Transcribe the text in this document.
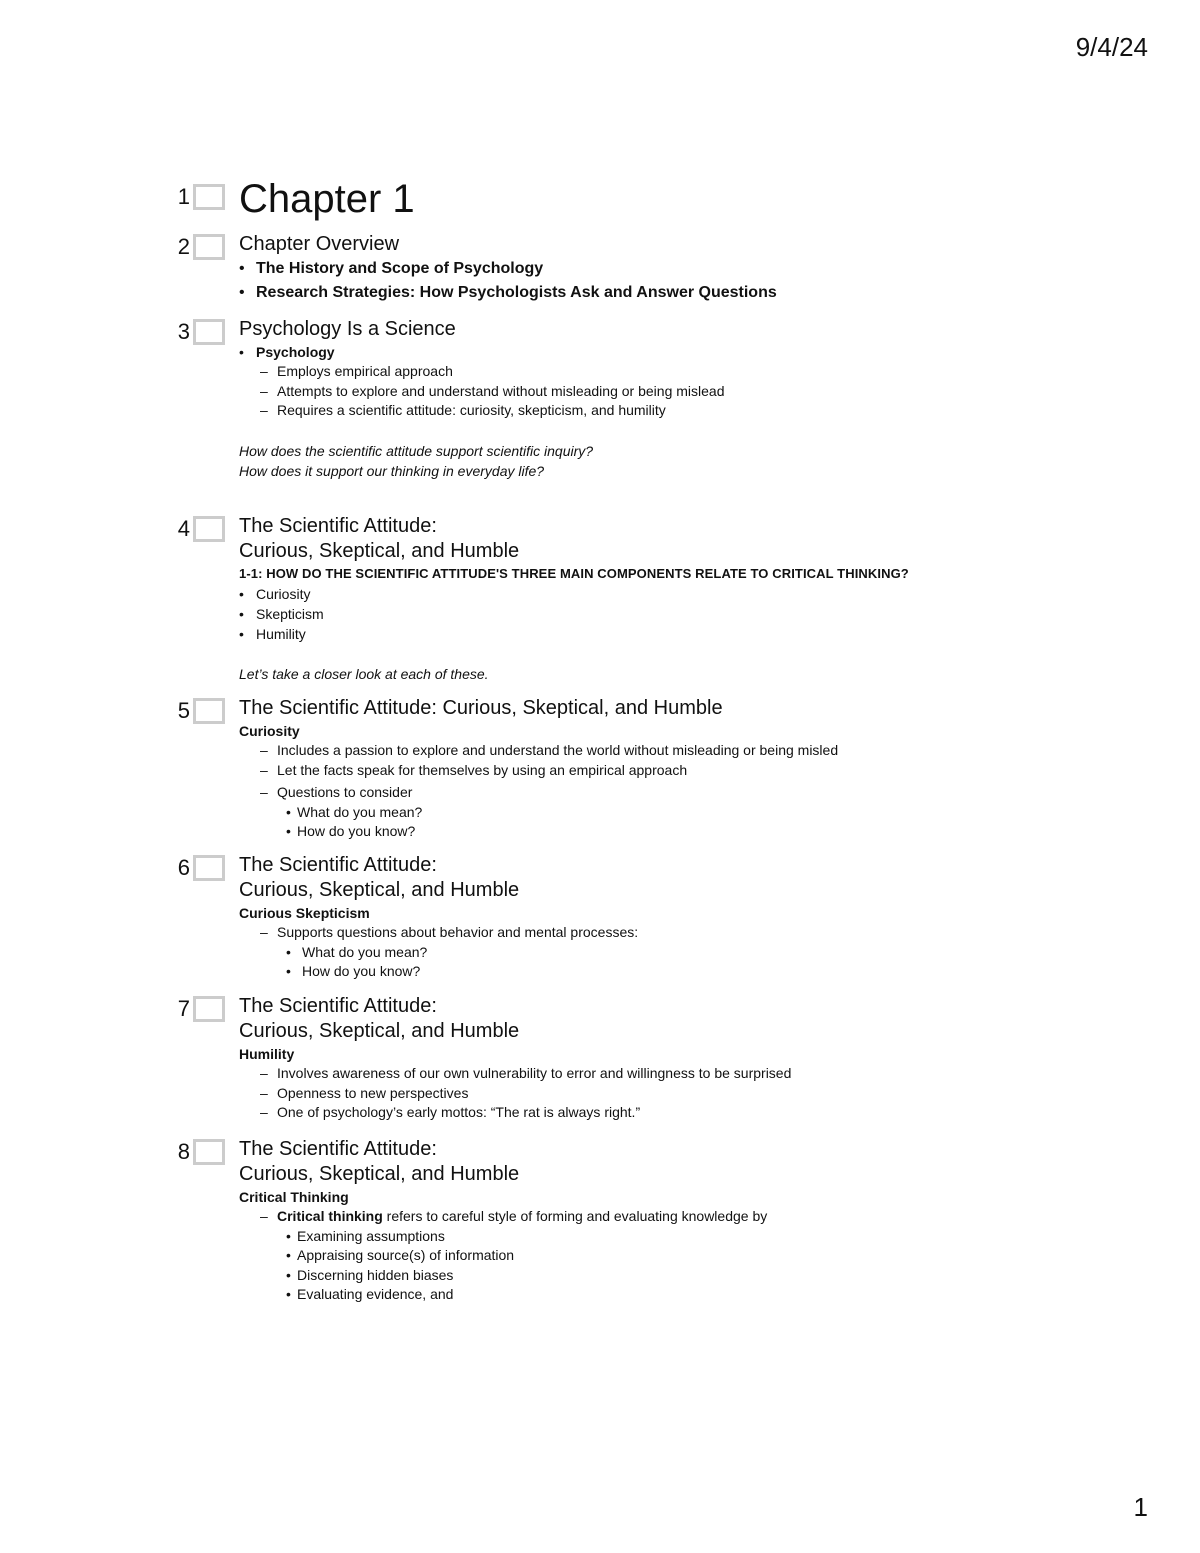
9/4/24
1 Chapter 1
2 Chapter Overview
• The History and Scope of Psychology
• Research Strategies: How Psychologists Ask and Answer Questions
3 Psychology Is a Science
• Psychology
– Employs empirical approach
– Attempts to explore and understand without misleading or being mislead
– Requires a scientific attitude: curiosity, skepticism, and humility
How does the scientific attitude support scientific inquiry?
How does it support our thinking in everyday life?
4 The Scientific Attitude:
Curious, Skeptical, and Humble
1-1: HOW DO THE SCIENTIFIC ATTITUDE'S THREE MAIN COMPONENTS RELATE TO CRITICAL THINKING?
• Curiosity
• Skepticism
• Humility
Let’s take a closer look at each of these.
5 The Scientific Attitude: Curious, Skeptical, and Humble
Curiosity
– Includes a passion to explore and understand the world without misleading or being misled
– Let the facts speak for themselves by using an empirical approach
– Questions to consider
• What do you mean?
• How do you know?
6 The Scientific Attitude:
Curious, Skeptical, and Humble
Curious Skepticism
– Supports questions about behavior and mental processes:
• What do you mean?
• How do you know?
7 The Scientific Attitude:
Curious, Skeptical, and Humble
Humility
– Involves awareness of our own vulnerability to error and willingness to be surprised
– Openness to new perspectives
– One of psychology’s early mottos: “The rat is always right.”
8 The Scientific Attitude:
Curious, Skeptical, and Humble
Critical Thinking
– Critical thinking refers to careful style of forming and evaluating knowledge by
• Examining assumptions
• Appraising source(s) of information
• Discerning hidden biases
• Evaluating evidence, and
1
